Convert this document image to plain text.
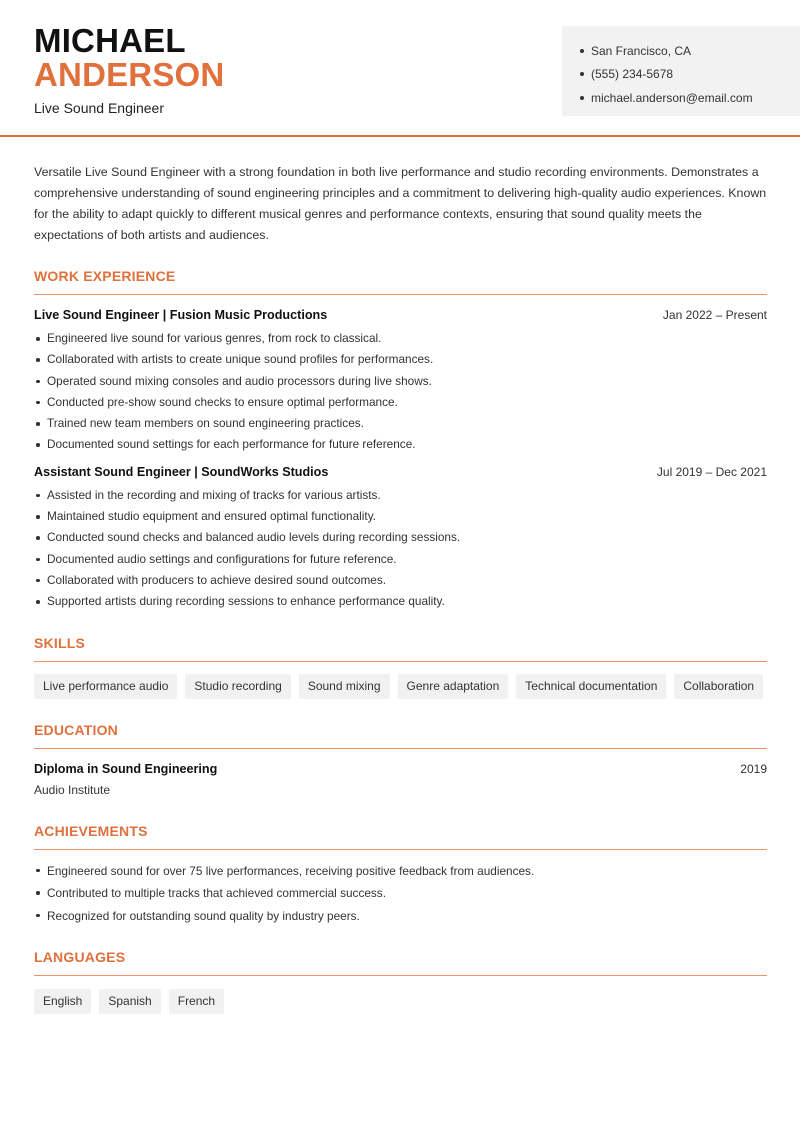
MICHAEL
ANDERSON
Live Sound Engineer
San Francisco, CA
(555) 234-5678
michael.anderson@email.com

Versatile Live Sound Engineer with a strong foundation in both live performance and studio recording environments. Demonstrates a comprehensive understanding of sound engineering principles and a commitment to delivering high-quality audio experiences. Known for the ability to adapt quickly to different musical genres and performance contexts, ensuring that sound quality meets the expectations of both artists and audiences.

WORK EXPERIENCE
Live Sound Engineer | Fusion Music Productions	Jan 2022 – Present
Engineered live sound for various genres, from rock to classical.
Collaborated with artists to create unique sound profiles for performances.
Operated sound mixing consoles and audio processors during live shows.
Conducted pre-show sound checks to ensure optimal performance.
Trained new team members on sound engineering practices.
Documented sound settings for each performance for future reference.
Assistant Sound Engineer | SoundWorks Studios	Jul 2019 – Dec 2021
Assisted in the recording and mixing of tracks for various artists.
Maintained studio equipment and ensured optimal functionality.
Conducted sound checks and balanced audio levels during recording sessions.
Documented audio settings and configurations for future reference.
Collaborated with producers to achieve desired sound outcomes.
Supported artists during recording sessions to enhance performance quality.
SKILLS
Live performance audio	Studio recording	Sound mixing	Genre adaptation	Technical documentation	Collaboration
EDUCATION
Diploma in Sound Engineering	2019
Audio Institute
ACHIEVEMENTS
Engineered sound for over 75 live performances, receiving positive feedback from audiences.
Contributed to multiple tracks that achieved commercial success.
Recognized for outstanding sound quality by industry peers.
LANGUAGES
English	Spanish	French
